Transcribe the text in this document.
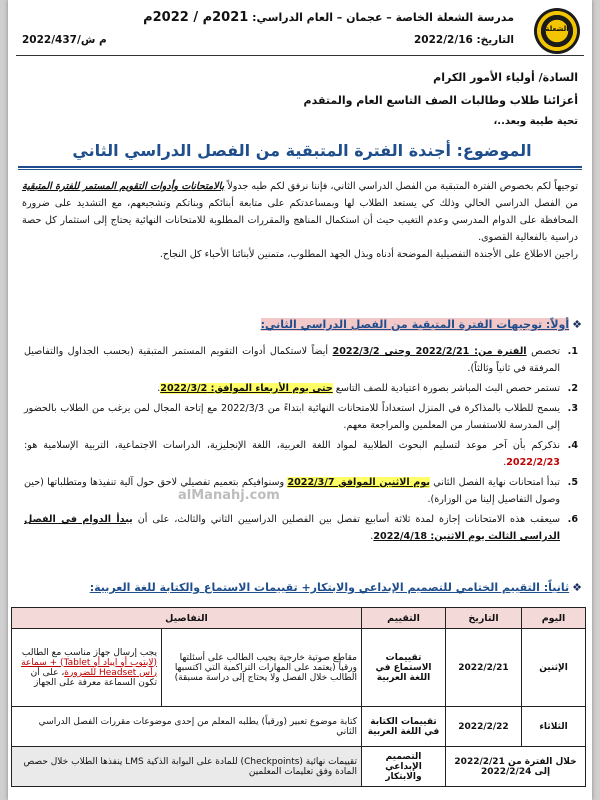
الشعلة
مدرسة الشعلة الخاصة – عجمان – العام الدراسي: 2021م / 2022م
التاريخ: 2022/2/16
م ش/2022/437
السادة/ أولياء الأمور الكرام
أعزائنا طلاب وطالبات الصف التاسع العام والمتقدم
تحية طيبة وبعد..،
الموضوع: أجندة الفترة المتبقية من الفصل الدراسي الثاني

توجيهاً لكم بخصوص الفترة المتبقية من الفصل الدراسي الثاني، فإننا نرفق لكم طيه جدولاً بالامتحانات وأدوات التقويم المستمر للفترة المتبقية من الفصل الدراسي الحالي وذلك كي يستعد الطلاب لها وبمساعدتكم على متابعة أبنائكم وبناتكم وتشجيعهم، مع التشديد على ضرورة المحافظة على الدوام المدرسي وعدم التغيب حيث أن استكمال المناهج والمقررات المطلوبة للامتحانات النهائية يحتاج إلى استثمار كل حصة دراسية بالفعالية القصوى.

راجين الاطلاع على الأجندة التفصيلية الموضحة أدناه وبذل الجهد المطلوب، متمنين لأبنائنا الأحباء كل النجاح.

❖أولاً: توجيهات الفترة المتبقية من الفصل الدراسي الثاني:
1.
تخصص الفترة من: 2022/2/21 وحتى 2022/3/2 أيضاً لاستكمال أدوات التقويم المستمر المتبقية (بحسب الجداول والتفاصيل المرفقة في ثانياً وثالثاً).
2.
تستمر حصص البث المباشر بصورة اعتيادية للصف التاسع حتى يوم الأربعاء الموافق: 2022/3/2.
3.
يسمح للطلاب بالمذاكرة في المنزل استعداداً للامتحانات النهائية ابتداءً من 2022/3/3 مع إتاحة المجال لمن يرغب من الطلاب بالحضور إلى المدرسة للاستفسار من المعلمين والمراجعة معهم.
4.
نذكركم بأن آخر موعد لتسليم البحوث الطلابية لمواد اللغة العربية، اللغة الإنجليزية، الدراسات الاجتماعية، التربية الإسلامية هو: 2022/2/23.
5.
تبدأ امتحانات نهاية الفصل الثاني يوم الاثنين الموافق 2022/3/7 وسنوافيكم بتعميم تفصيلي لاحق حول آلية تنفيذها ومتطلباتها (حين وصول التفاصيل إلينا من الوزارة).
6.
سيعقب هذه الامتحانات إجازة لمدة ثلاثة أسابيع تفصل بين الفصلين الدراسيين الثاني والثالث، على أن يبدأ الدوام في الفصل الدراسي الثالث يوم الاثنين: 2022/4/18.
alManahj.com
❖ثانياً: التقييم الختامي للتصميم الإبداعي والابتكار+ تقييمات الاستماع والكتابة للغة العربية:
اليوم	التاريخ	التقييم	التفاصيل	
الإثنين	2022/2/21	تقييمات الاستماع في اللغة العربية	مقاطع صوتية خارجية يجيب الطالب على أسئلتها ورقياً (يعتمد على المهارات التراكمية التي اكتسبها الطالب خلال الفصل ولا يحتاج إلى دراسة مسبقة)	يجب إرسال جهاز مناسب مع الطالب (لابتوب أو ايباد أو Tablet) + سماعة رأس Headset للضرورة، على أن تكون السماعة معرفة على الجهاز
الثلاثاء	2022/2/22	تقييمات الكتابة في اللغة العربية	كتابة موضوع تعبير (ورقياً) يطلبه المعلم من إحدى موضوعات مقررات الفصل الدراسي الثاني	
خلال الفترة من 2022/2/21 إلى 2022/2/24		التصميم الإبداعي والابتكار	تقييمات نهائية (Checkpoints) للمادة على البوابة الذكية LMS ينفذها الطلاب خلال حصص المادة وفق تعليمات المعلمين	
